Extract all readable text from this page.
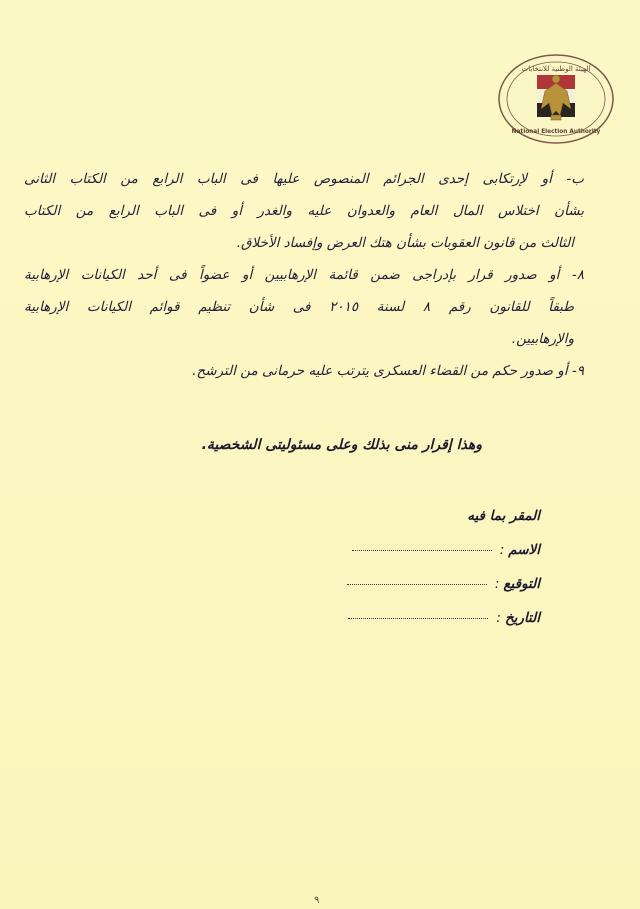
الهيئة الوطنية للانتخابات
National Election Authority
ب- أو لإرتكابى إحدى الجرائم المنصوص عليها فى الباب الرابع من الكتاب الثانى
بشأن اختلاس المال العام والعدوان عليه والغدر أو فى الباب الرابع من الكتاب
الثالث من قانون العقوبات بشأن هتك العرض وإفساد الأخلاق.
٨- أو صدور قرار بإدراجى ضمن قائمة الإرهابيين أو عضواً فى أحد الكيانات الإرهابية
طبقاً للقانون رقم ٨ لسنة ٢٠١٥ فى شأن تنظيم قوائم الكيانات الإرهابية
والإرهابيين.
٩- أو صدور حكم من القضاء العسكرى يترتب عليه حرمانى من الترشح.
وهذا إقرار منى بذلك وعلى مسئوليتى الشخصية.
المقر بما فيه
الاسم:
التوقيع:
التاريخ:
٩
